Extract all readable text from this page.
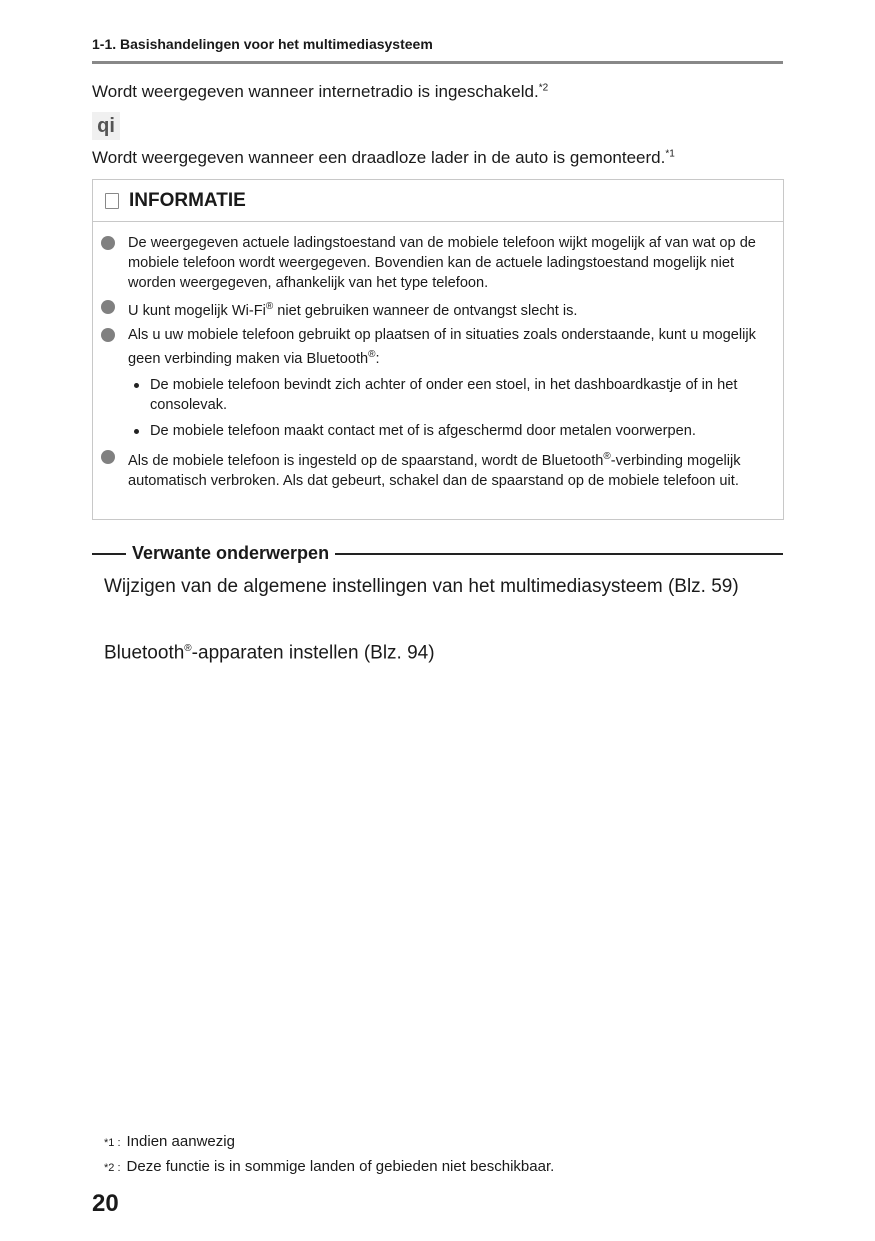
1-1. Basishandelingen voor het multimediasysteem
Wordt weergegeven wanneer internetradio is ingeschakeld.$^{*2}$
qi
Wordt weergegeven wanneer een draadloze lader in de auto is gemonteerd.$^{*1}$
INFORMATIE
De weergegeven actuele ladingstoestand van de mobiele telefoon wijkt mogelijk af van wat op de mobiele telefoon wordt weergegeven. Bovendien kan de actuele ladingstoestand mogelijk niet worden weergegeven, afhankelijk van het type telefoon.
U kunt mogelijk Wi-Fi® niet gebruiken wanneer de ontvangst slecht is.
Als u uw mobiele telefoon gebruikt op plaatsen of in situaties zoals onderstaande, kunt u mogelijk geen verbinding maken via Bluetooth®:
De mobiele telefoon bevindt zich achter of onder een stoel, in het dashboardkastje of in het consolevak.
De mobiele telefoon maakt contact met of is afgeschermd door metalen voorwerpen.
Als de mobiele telefoon is ingesteld op de spaarstand, wordt de Bluetooth®-verbinding mogelijk automatisch verbroken. Als dat gebeurt, schakel dan de spaarstand op de mobiele telefoon uit.
Verwante onderwerpen
Wijzigen van de algemene instellingen van het multimediasysteem (Blz. 59)
Bluetooth®-apparaten instellen (Blz. 94)
*1 : Indien aanwezig
*2 : Deze functie is in sommige landen of gebieden niet beschikbaar.
20
